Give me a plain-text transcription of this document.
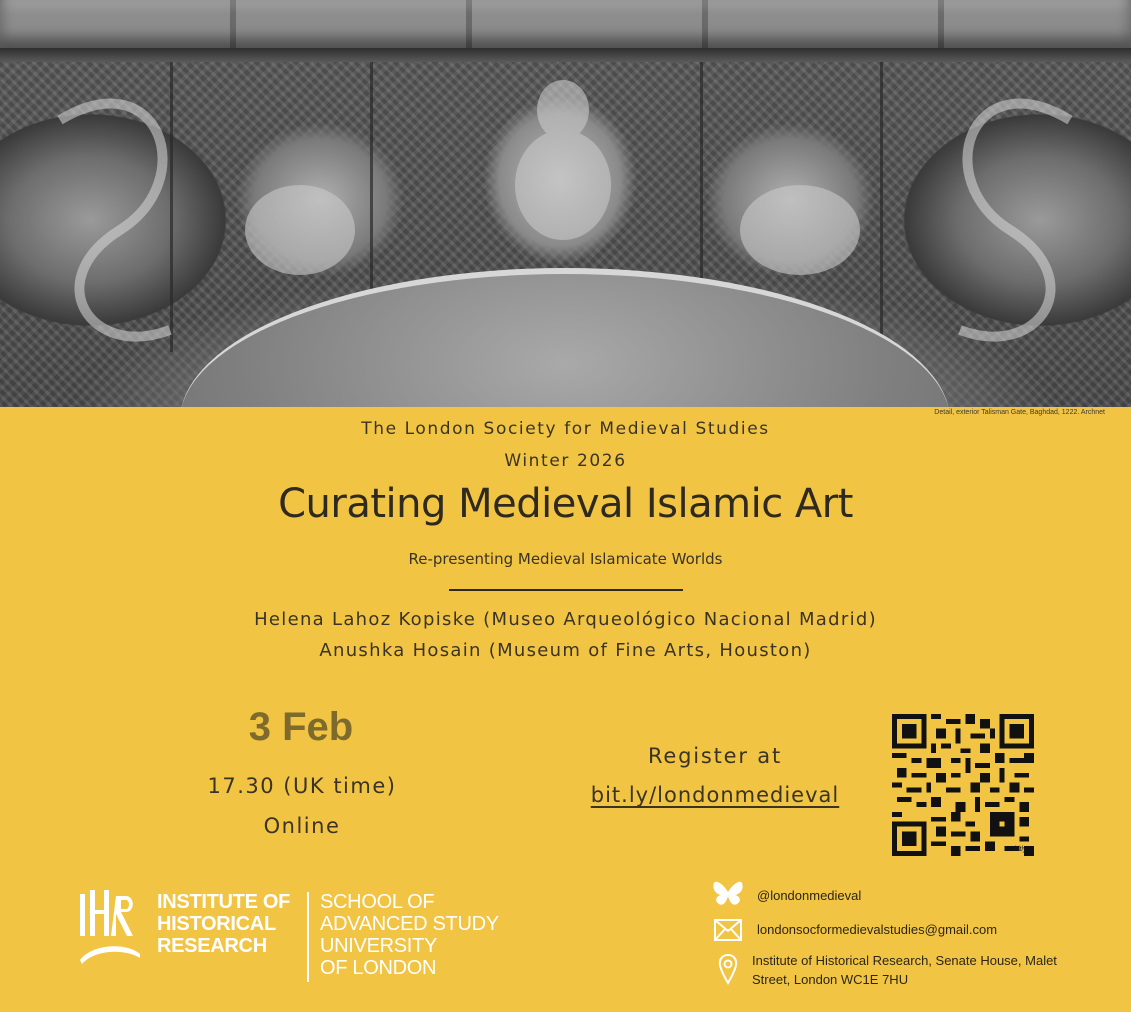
Detail, exterior Talisman Gate, Baghdad, 1222. Archnet
The London Society for Medieval Studies
Winter 2026
Curating Medieval Islamic Art
Re-presenting Medieval Islamicate Worlds
Helena Lahoz Kopiske (Museo Arqueológico Nacional Madrid)
Anushka Hosain (Museum of Fine Arts, Houston)
3 Feb
17.30 (UK time)
Online
Register at
bit.ly/londonmedieval
bitly
INSTITUTE OF
HISTORICAL
RESEARCH
SCHOOL OF
ADVANCED STUDY
UNIVERSITY
OF LONDON
@londonmedieval
londonsocformedievalstudies@gmail.com
Institute of Historical Research, Senate House, Malet Street, London WC1E 7HU
